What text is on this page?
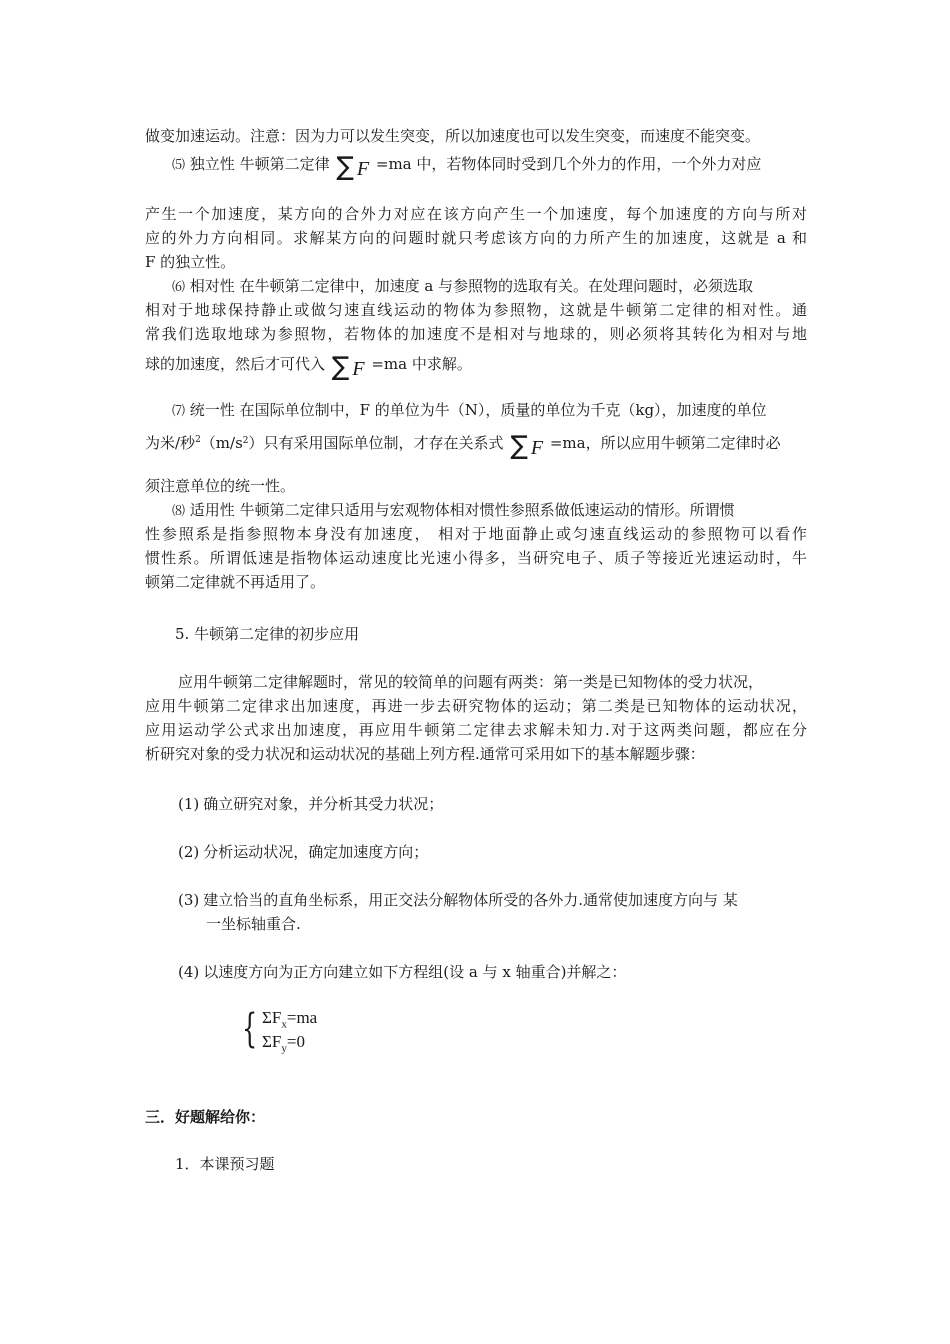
做变加速运动。注意：因为力可以发生突变，所以加速度也可以发生突变，而速度不能突变。
⑸ 独立性 牛顿第二定律 ∑ F =ma 中，若物体同时受到几个外力的作用，一个外力对应
产生一个加速度，某方向的合外力对应在该方向产生一个加速度，每个加速度的方向与所对
应的外力方向相同。求解某方向的问题时就只考虑该方向的力所产生的加速度，这就是 a 和
F 的独立性。
⑹ 相对性 在牛顿第二定律中，加速度 a 与参照物的选取有关。在处理问题时，必须选取
相对于地球保持静止或做匀速直线运动的物体为参照物，这就是牛顿第二定律的相对性。通
常我们选取地球为参照物，若物体的加速度不是相对与地球的，则必须将其转化为相对与地
球的加速度，然后才可代入 ∑ F =ma 中求解。
⑺ 统一性 在国际单位制中，F 的单位为牛（N），质量的单位为千克（kg），加速度的单位
为米/秒$^2(m/s^2)$只有采用国际单位制，才存在关系式 ∑ F =ma，所以应用牛顿第二定律时必
须注意单位的统一性。
⑻ 适用性 牛顿第二定律只适用与宏观物体相对惯性参照系做低速运动的情形。所谓惯
性参照系是指参照物本身没有加速度， 相对于地面静止或匀速直线运动的参照物可以看作
惯性系。所谓低速是指物体运动速度比光速小得多，当研究电子、质子等接近光速运动时，牛
顿第二定律就不再适用了。
5. 牛顿第二定律的初步应用
应用牛顿第二定律解题时，常见的较简单的问题有两类：第一类是已知物体的受力状况，
应用牛顿第二定律求出加速度，再进一步去研究物体的运动；第二类是已知物体的运动状况，
应用运动学公式求出加速度，再应用牛顿第二定律去求解未知力.对于这两类问题，都应在分
析研究对象的受力状况和运动状况的基础上列方程.通常可采用如下的基本解题步骤：
(1) 确立研究对象，并分析其受力状况；
(2) 分析运动状况，确定加速度方向；
(3) 建立恰当的直角坐标系，用正交法分解物体所受的各外力.通常使加速度方向与 某
一坐标轴重合.
(4) 以速度方向为正方向建立如下方程组(设 a 与 x 轴重合)并解之：
{ $\Sigma F_x=ma$
$\Sigma F_y=0$
三．好题解给你：
1．本课预习题
